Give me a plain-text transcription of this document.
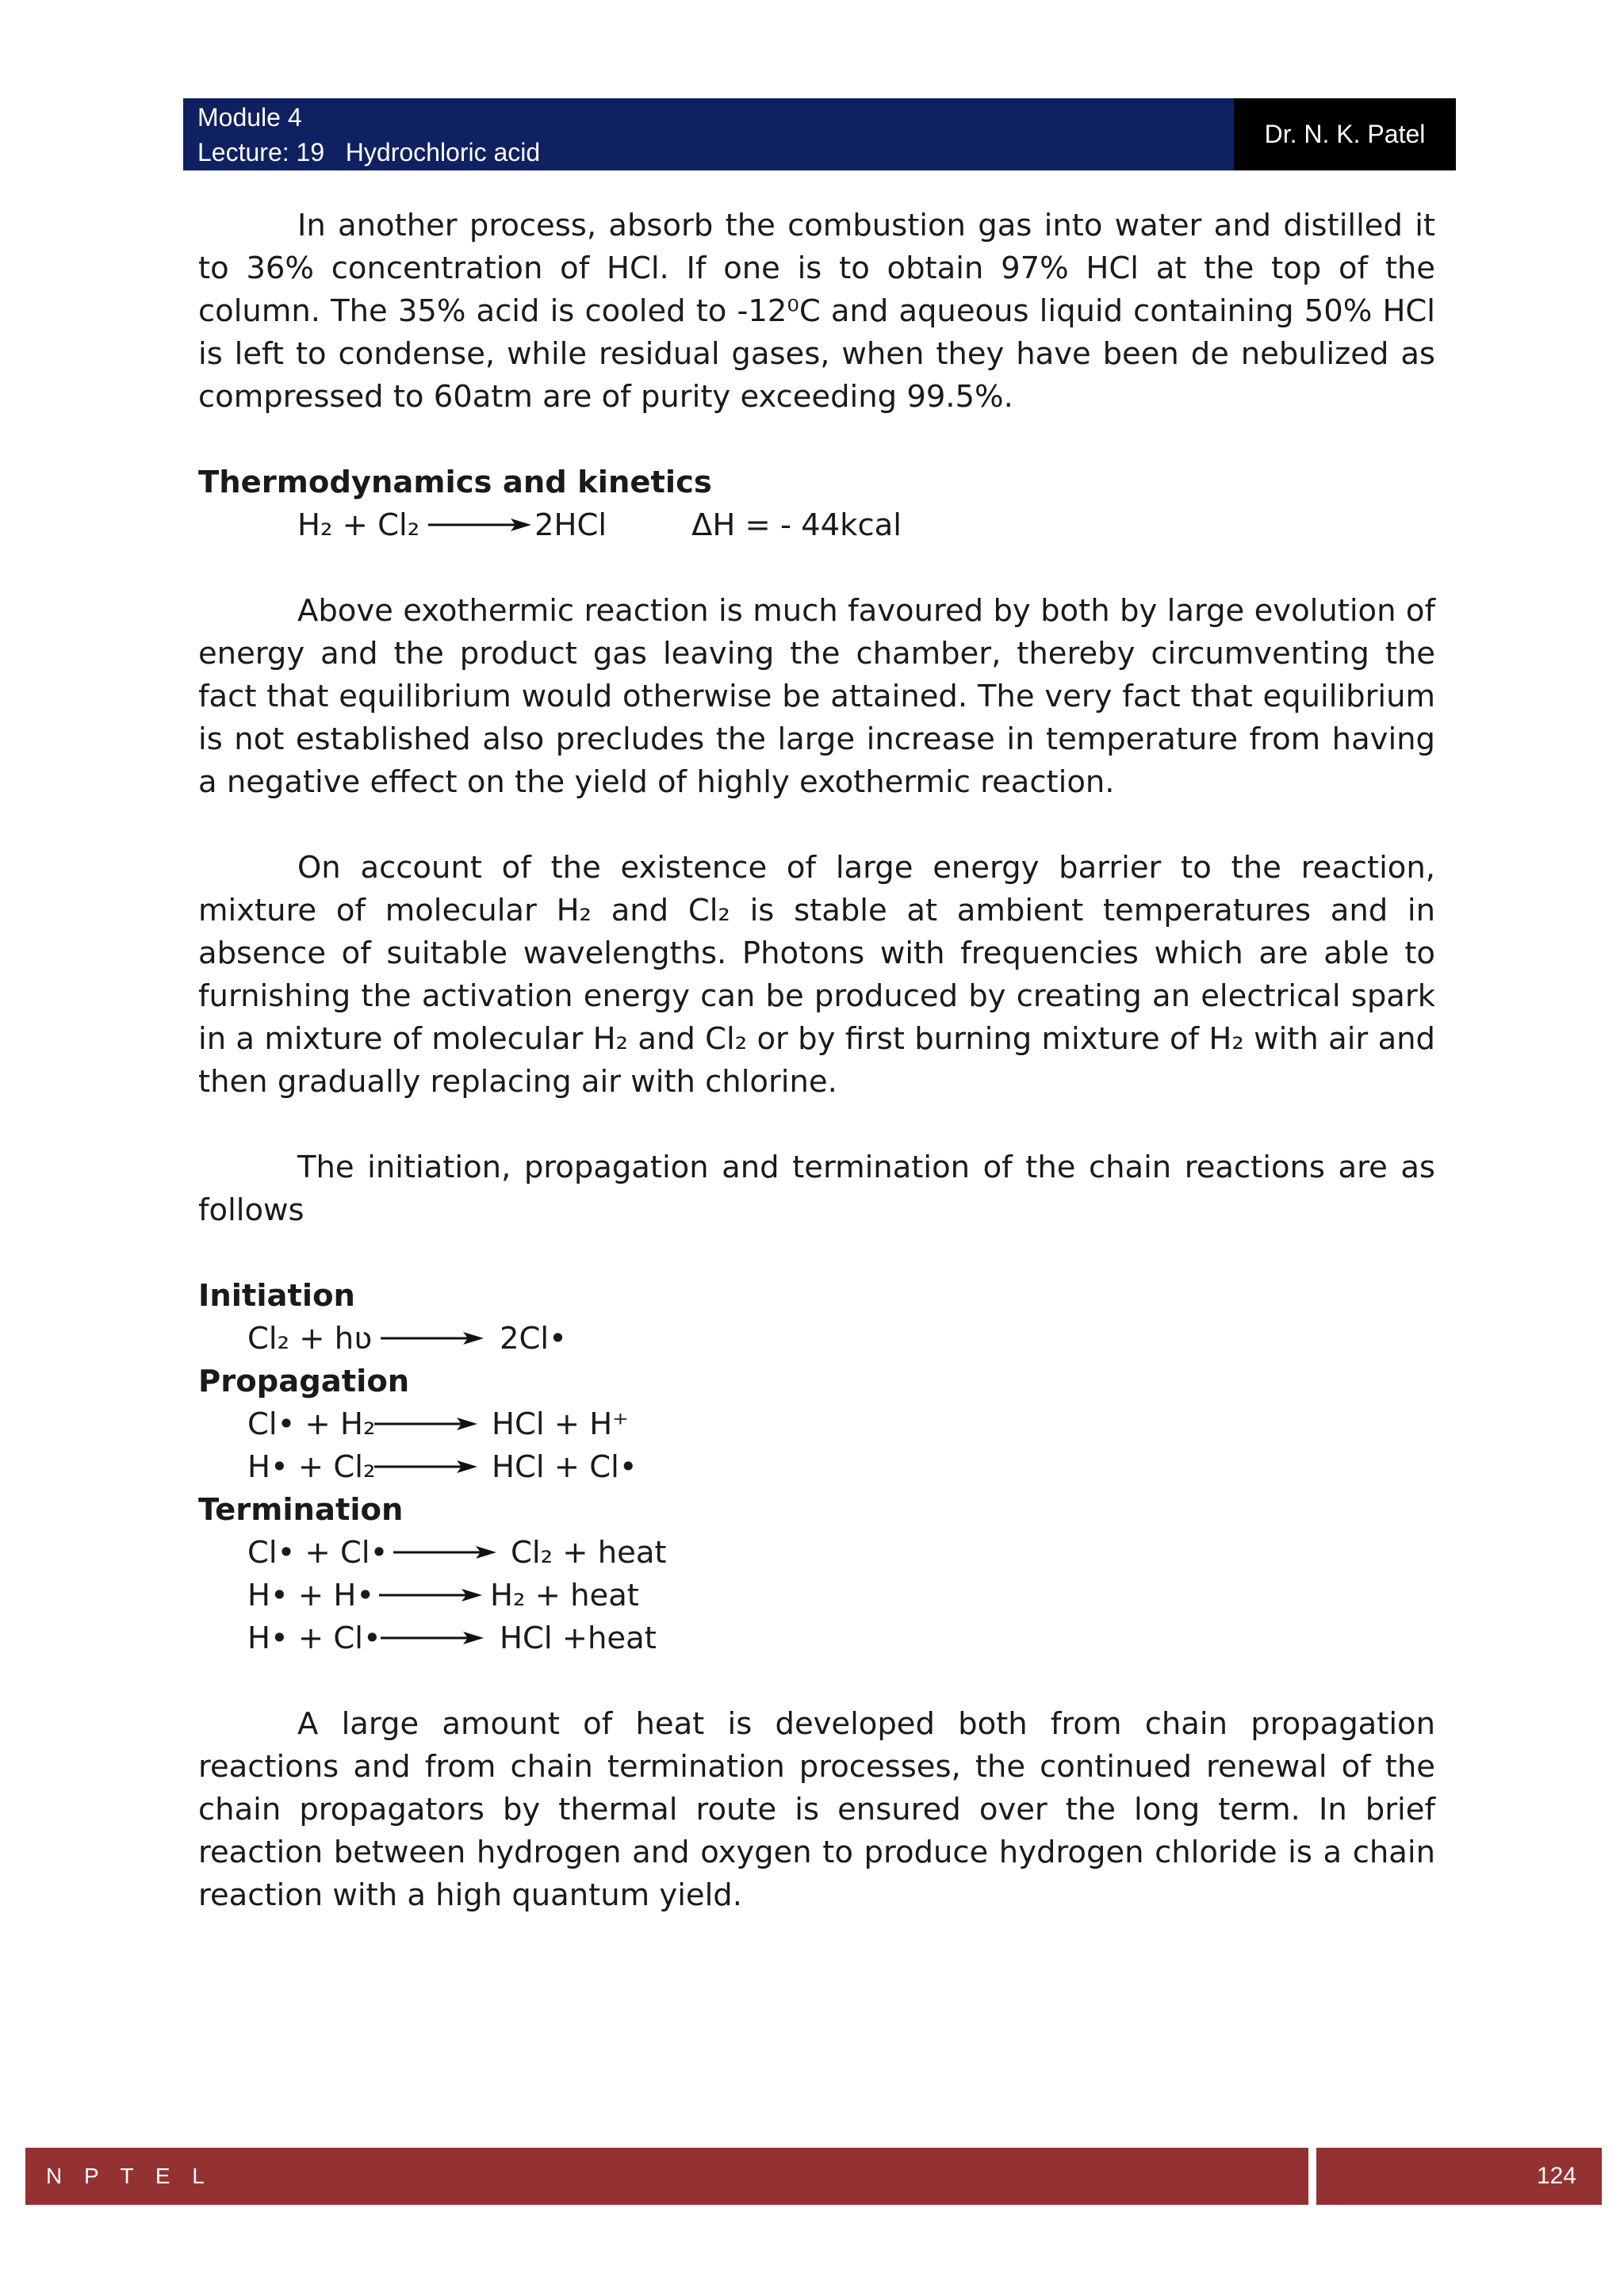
Module 4
Lecture: 19   Hydrochloric acid
Dr. N. K. Patel

In another process, absorb the combustion gas into water and distilled it to 36% concentration of HCl. If one is to obtain 97% HCl at the top of the column. The 35% acid is cooled to -12⁰C and aqueous liquid containing 50% HCl is left to condense, while residual gases, when they have been de nebulized as compressed to 60atm are of purity exceeding 99.5%.

Thermodynamics and kinetics

H₂ + Cl₂ → 2HCl	ΔH = - 44kcal

Above exothermic reaction is much favoured by both by large evolution of energy and the product gas leaving the chamber, thereby circumventing the fact that equilibrium would otherwise be attained. The very fact that equilibrium is not established also precludes the large increase in temperature from having a negative effect on the yield of highly exothermic reaction.

On account of the existence of large energy barrier to the reaction, mixture of molecular H₂ and Cl₂ is stable at ambient temperatures and in absence of suitable wavelengths. Photons with frequencies which are able to furnishing the activation energy can be produced by creating an electrical spark in a mixture of molecular H₂ and Cl₂ or by first burning mixture of H₂ with air and then gradually replacing air with chlorine.

The initiation, propagation and termination of the chain reactions are as follows

Initiation

Cl₂ + hʋ → 2Cl•

Propagation

Cl• + H₂ → HCl + H⁺
H• + Cl₂ → HCl + Cl•

Termination

Cl• + Cl• → Cl₂ + heat
H• + H• → H₂ + heat
H• + Cl• → HCl +heat

A large amount of heat is developed both from chain propagation reactions and from chain termination processes, the continued renewal of the chain propagators by thermal route is ensured over the long term. In brief reaction between hydrogen and oxygen to produce hydrogen chloride is a chain reaction with a high quantum yield.

N P T E L	124
